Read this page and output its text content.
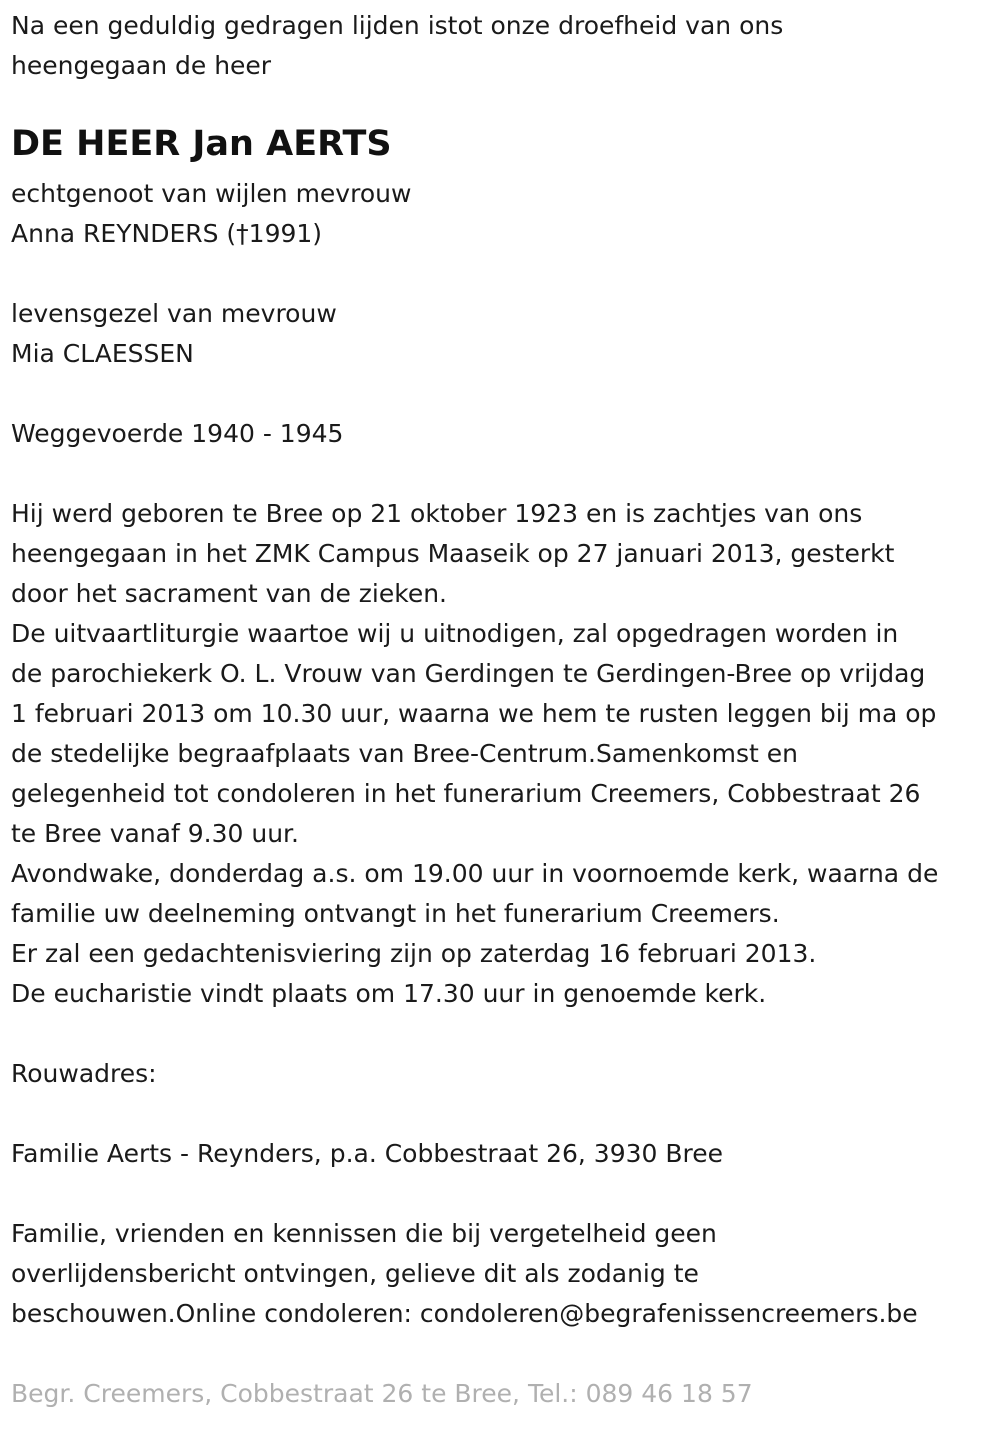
Na een geduldig gedragen lijden istot onze droefheid van ons
heengegaan de heer
DE HEER Jan AERTS
echtgenoot van wijlen mevrouw
Anna REYNDERS (†1991)
levensgezel van mevrouw
Mia CLAESSEN
Weggevoerde 1940 - 1945
Hij werd geboren te Bree op 21 oktober 1923 en is zachtjes van ons
heengegaan in het ZMK Campus Maaseik op 27 januari 2013, gesterkt
door het sacrament van de zieken.
De uitvaartliturgie waartoe wij u uitnodigen, zal opgedragen worden in
de parochiekerk O. L. Vrouw van Gerdingen te Gerdingen-Bree op vrijdag
1 februari 2013 om 10.30 uur, waarna we hem te rusten leggen bij ma op
de stedelijke begraafplaats van Bree-Centrum.Samenkomst en
gelegenheid tot condoleren in het funerarium Creemers, Cobbestraat 26
te Bree vanaf 9.30 uur.
Avondwake, donderdag a.s. om 19.00 uur in voornoemde kerk, waarna de
familie uw deelneming ontvangt in het funerarium Creemers.
Er zal een gedachtenisviering zijn op zaterdag 16 februari 2013.
De eucharistie vindt plaats om 17.30 uur in genoemde kerk.
Rouwadres:
Familie Aerts - Reynders, p.a. Cobbestraat 26, 3930 Bree
Familie, vrienden en kennissen die bij vergetelheid geen
overlijdensbericht ontvingen, gelieve dit als zodanig te
beschouwen.Online condoleren: condoleren@begrafenissencreemers.be
Begr. Creemers, Cobbestraat 26 te Bree, Tel.: 089 46 18 57
